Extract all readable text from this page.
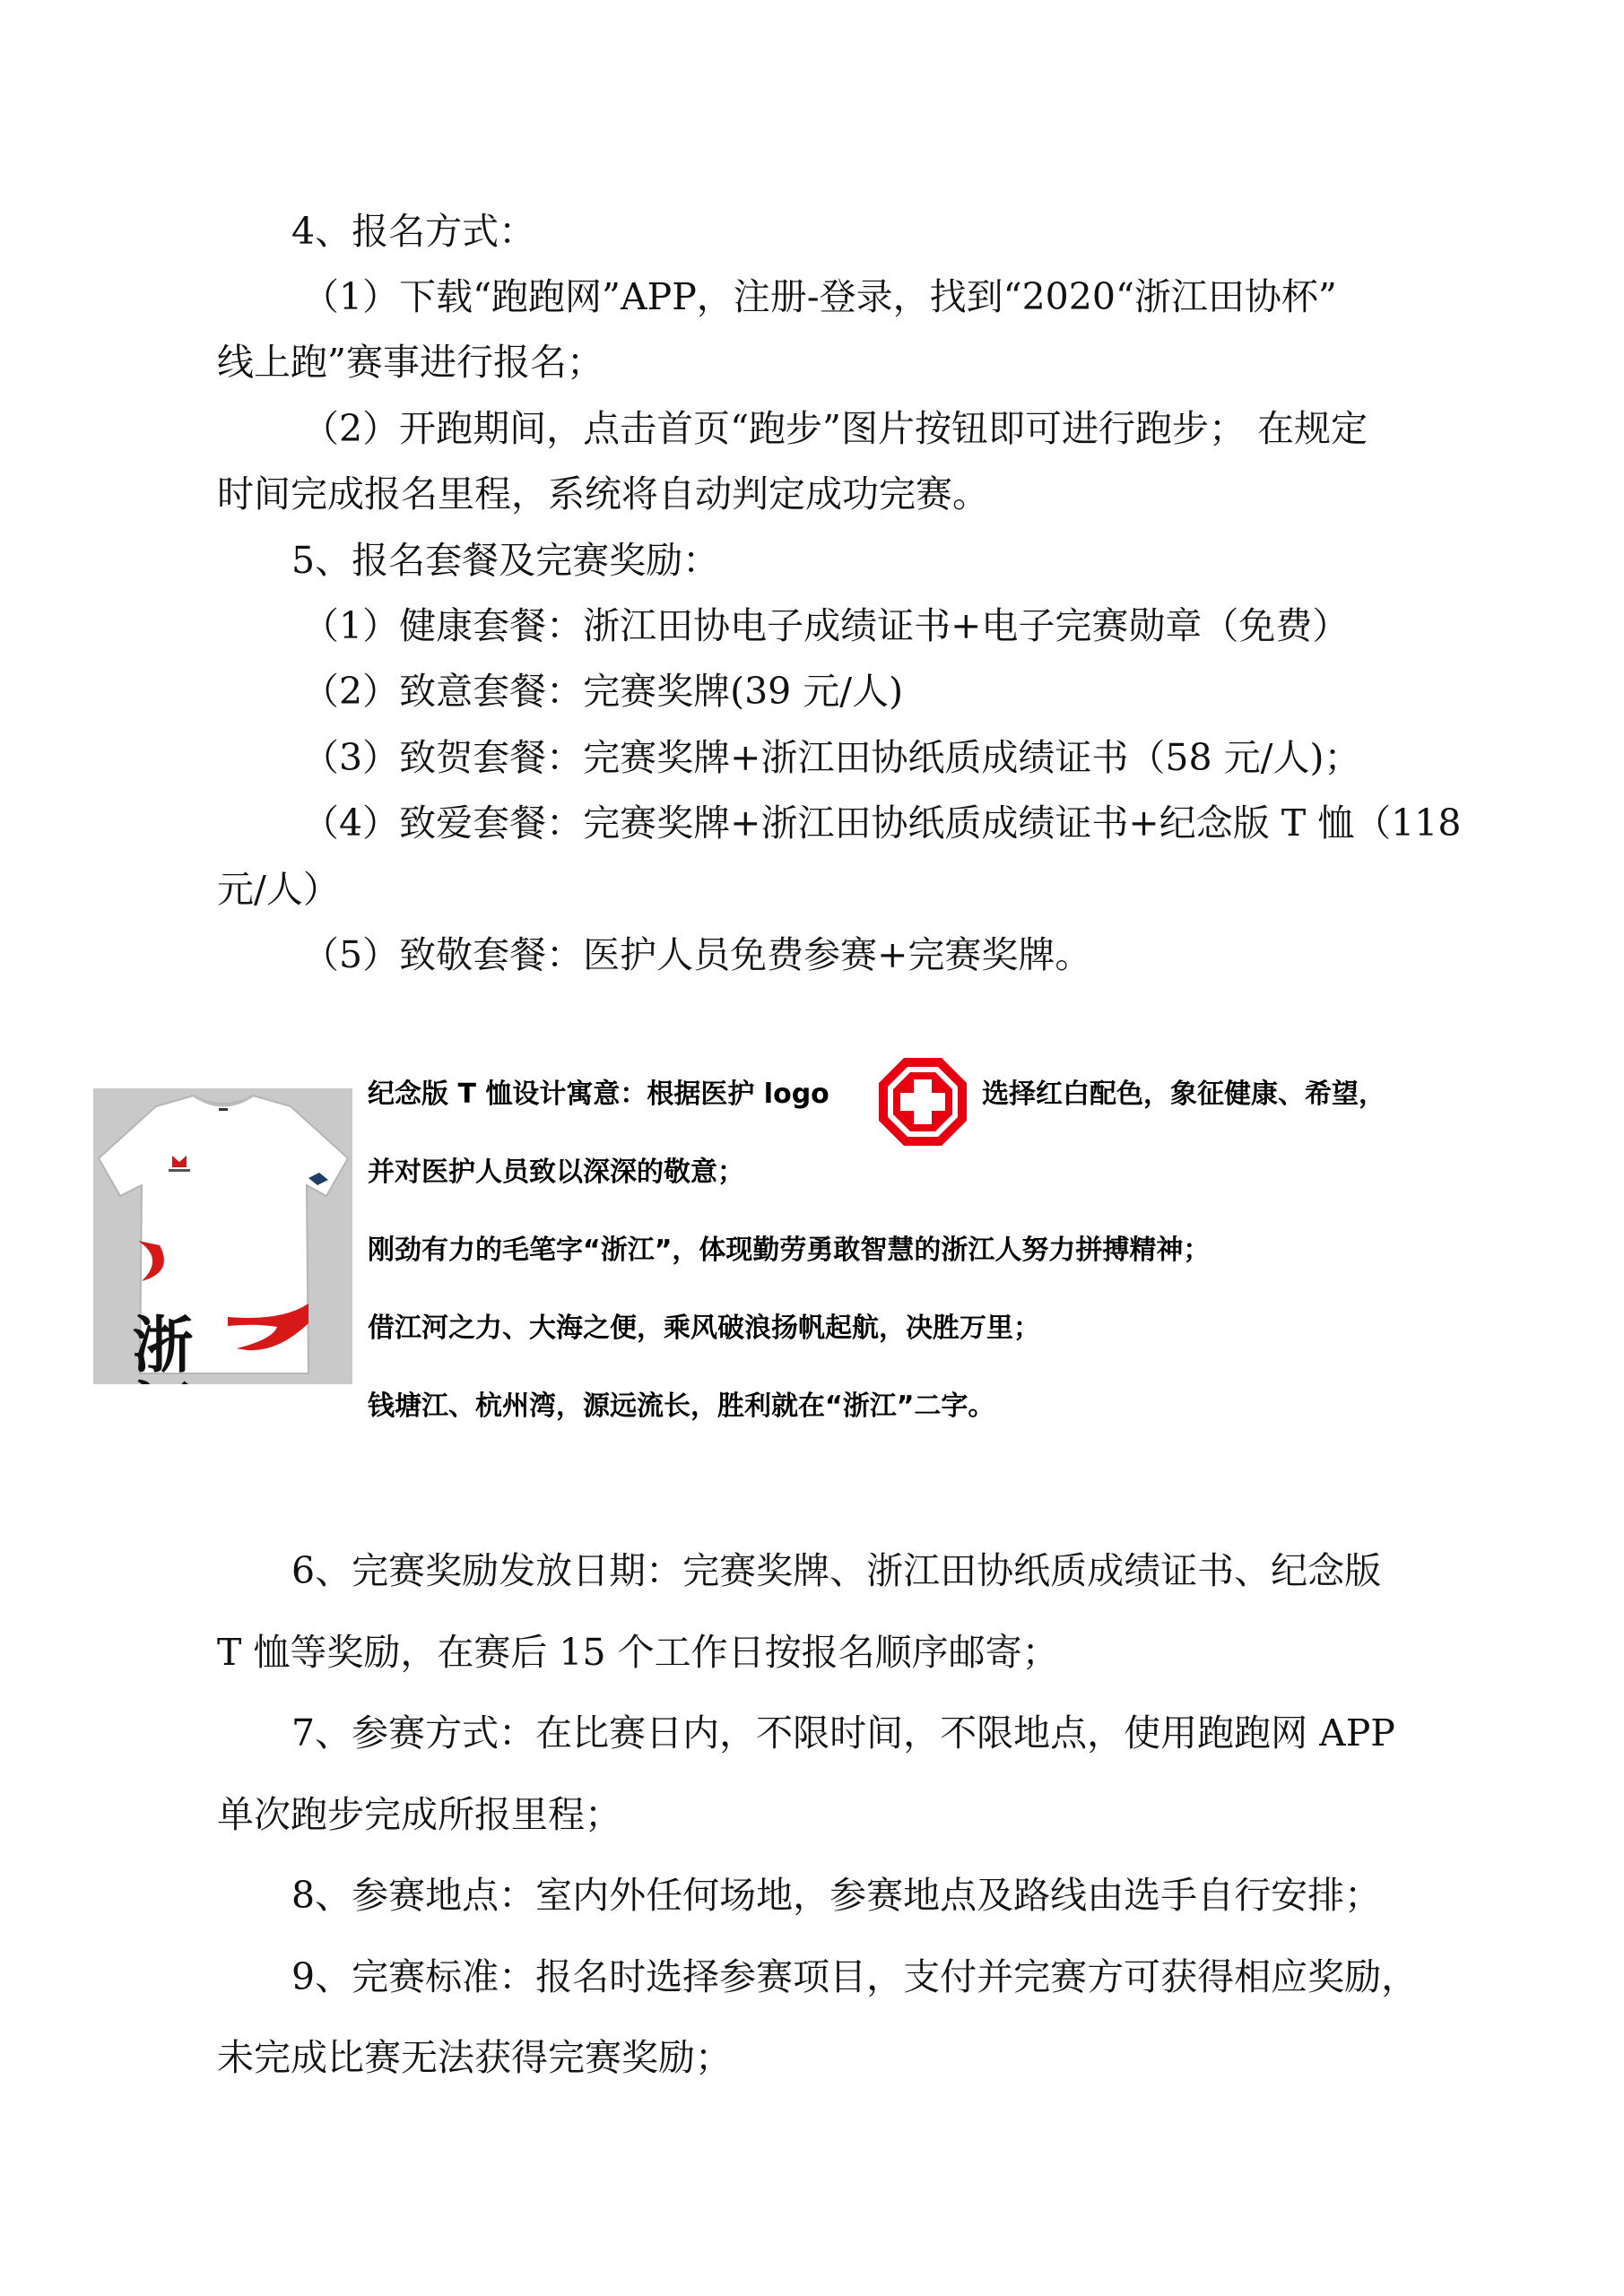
4、报名方式：

（1）下载“跑跑网”APP，注册-登录，找到“2020“浙江田协杯”

线上跑”赛事进行报名；

（2）开跑期间，点击首页“跑步”图片按钮即可进行跑步； 在规定

时间完成报名里程，系统将自动判定成功完赛。

5、报名套餐及完赛奖励：

（1）健康套餐：浙江田协电子成绩证书+电子完赛勋章（免费）

（2）致意套餐：完赛奖牌(39 元/人)

（3）致贺套餐：完赛奖牌+浙江田协纸质成绩证书（58 元/人)；

（4）致爱套餐：完赛奖牌+浙江田协纸质成绩证书+纪念版 T 恤（118

元/人）

（5）致敬套餐：医护人员免费参赛+完赛奖牌。

浙江

纪念版 T 恤设计寓意：根据医护 logo	选择红白配色，象征健康、希望，

并对医护人员致以深深的敬意；

刚劲有力的毛笔字“浙江”，体现勤劳勇敢智慧的浙江人努力拼搏精神；

借江河之力、大海之便，乘风破浪扬帆起航，决胜万里；

钱塘江、杭州湾，源远流长，胜利就在“浙江”二字。

6、完赛奖励发放日期：完赛奖牌、浙江田协纸质成绩证书、纪念版

T 恤等奖励，在赛后 15 个工作日按报名顺序邮寄；

7、参赛方式：在比赛日内，不限时间，不限地点，使用跑跑网 APP

单次跑步完成所报里程；

8、参赛地点：室内外任何场地，参赛地点及路线由选手自行安排；

9、完赛标准：报名时选择参赛项目，支付并完赛方可获得相应奖励，

未完成比赛无法获得完赛奖励；
